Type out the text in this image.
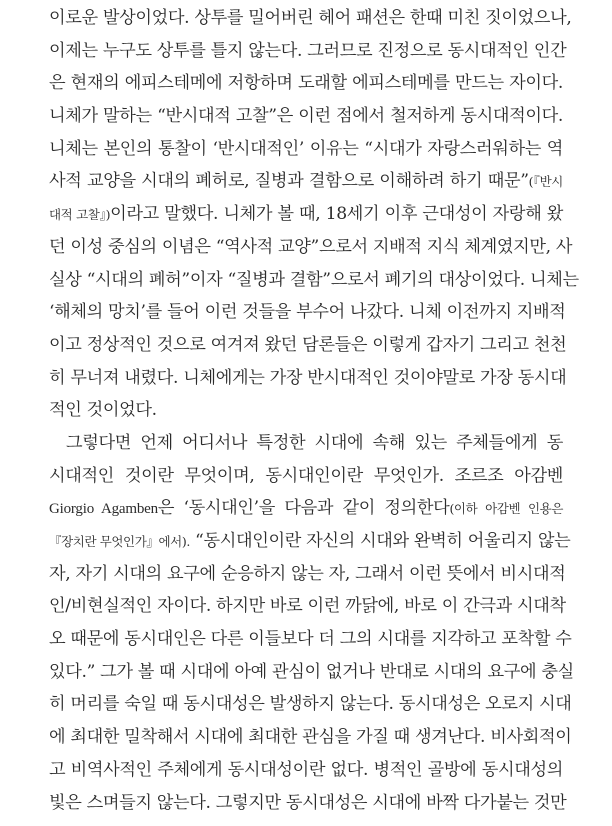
이로운 발상이었다. 상투를 밀어버린 헤어 패션은 한때 미친 짓이었으나,
이제는 누구도 상투를 틀지 않는다. 그러므로 진정으로 동시대적인 인간
은 현재의 에피스테메에 저항하며 도래할 에피스테메를 만드는 자이다.
니체가 말하는 “반시대적 고찰”은 이런 점에서 철저하게 동시대적이다.
니체는 본인의 통찰이 ‘반시대적인’ 이유는 “시대가 자랑스러워하는 역
사적 교양을 시대의 폐허로, 질병과 결함으로 이해하려 하기 때문”(『반시
대적 고찰』)이라고 말했다. 니체가 볼 때, 18세기 이후 근대성이 자랑해 왔
던 이성 중심의 이념은 “역사적 교양”으로서 지배적 지식 체계였지만, 사
실상 “시대의 폐허”이자 “질병과 결함”으로서 폐기의 대상이었다. 니체는
‘해체의 망치’를 들어 이런 것들을 부수어 나갔다. 니체 이전까지 지배적
이고 정상적인 것으로 여겨져 왔던 담론들은 이렇게 갑자기 그리고 천천
히 무너져 내렸다. 니체에게는 가장 반시대적인 것이야말로 가장 동시대
적인 것이었다.
그렇다면 언제 어디서나 특정한 시대에 속해 있는 주체들에게 동
시대적인 것이란 무엇이며, 동시대인이란 무엇인가. 조르조 아감벤
Giorgio Agamben은 ‘동시대인’을 다음과 같이 정의한다(이하 아감벤 인용은
『장치란 무엇인가』에서). “동시대인이란 자신의 시대와 완벽히 어울리지 않는
자, 자기 시대의 요구에 순응하지 않는 자, 그래서 이런 뜻에서 비시대적
인/비현실적인 자이다. 하지만 바로 이런 까닭에, 바로 이 간극과 시대착
오 때문에 동시대인은 다른 이들보다 더 그의 시대를 지각하고 포착할 수
있다.” 그가 볼 때 시대에 아예 관심이 없거나 반대로 시대의 요구에 충실
히 머리를 숙일 때 동시대성은 발생하지 않는다. 동시대성은 오로지 시대
에 최대한 밀착해서 시대에 최대한 관심을 가질 때 생겨난다. 비사회적이
고 비역사적인 주체에게 동시대성이란 없다. 병적인 골방에 동시대성의
빛은 스며들지 않는다. 그렇지만 동시대성은 시대에 바짝 다가붙는 것만
